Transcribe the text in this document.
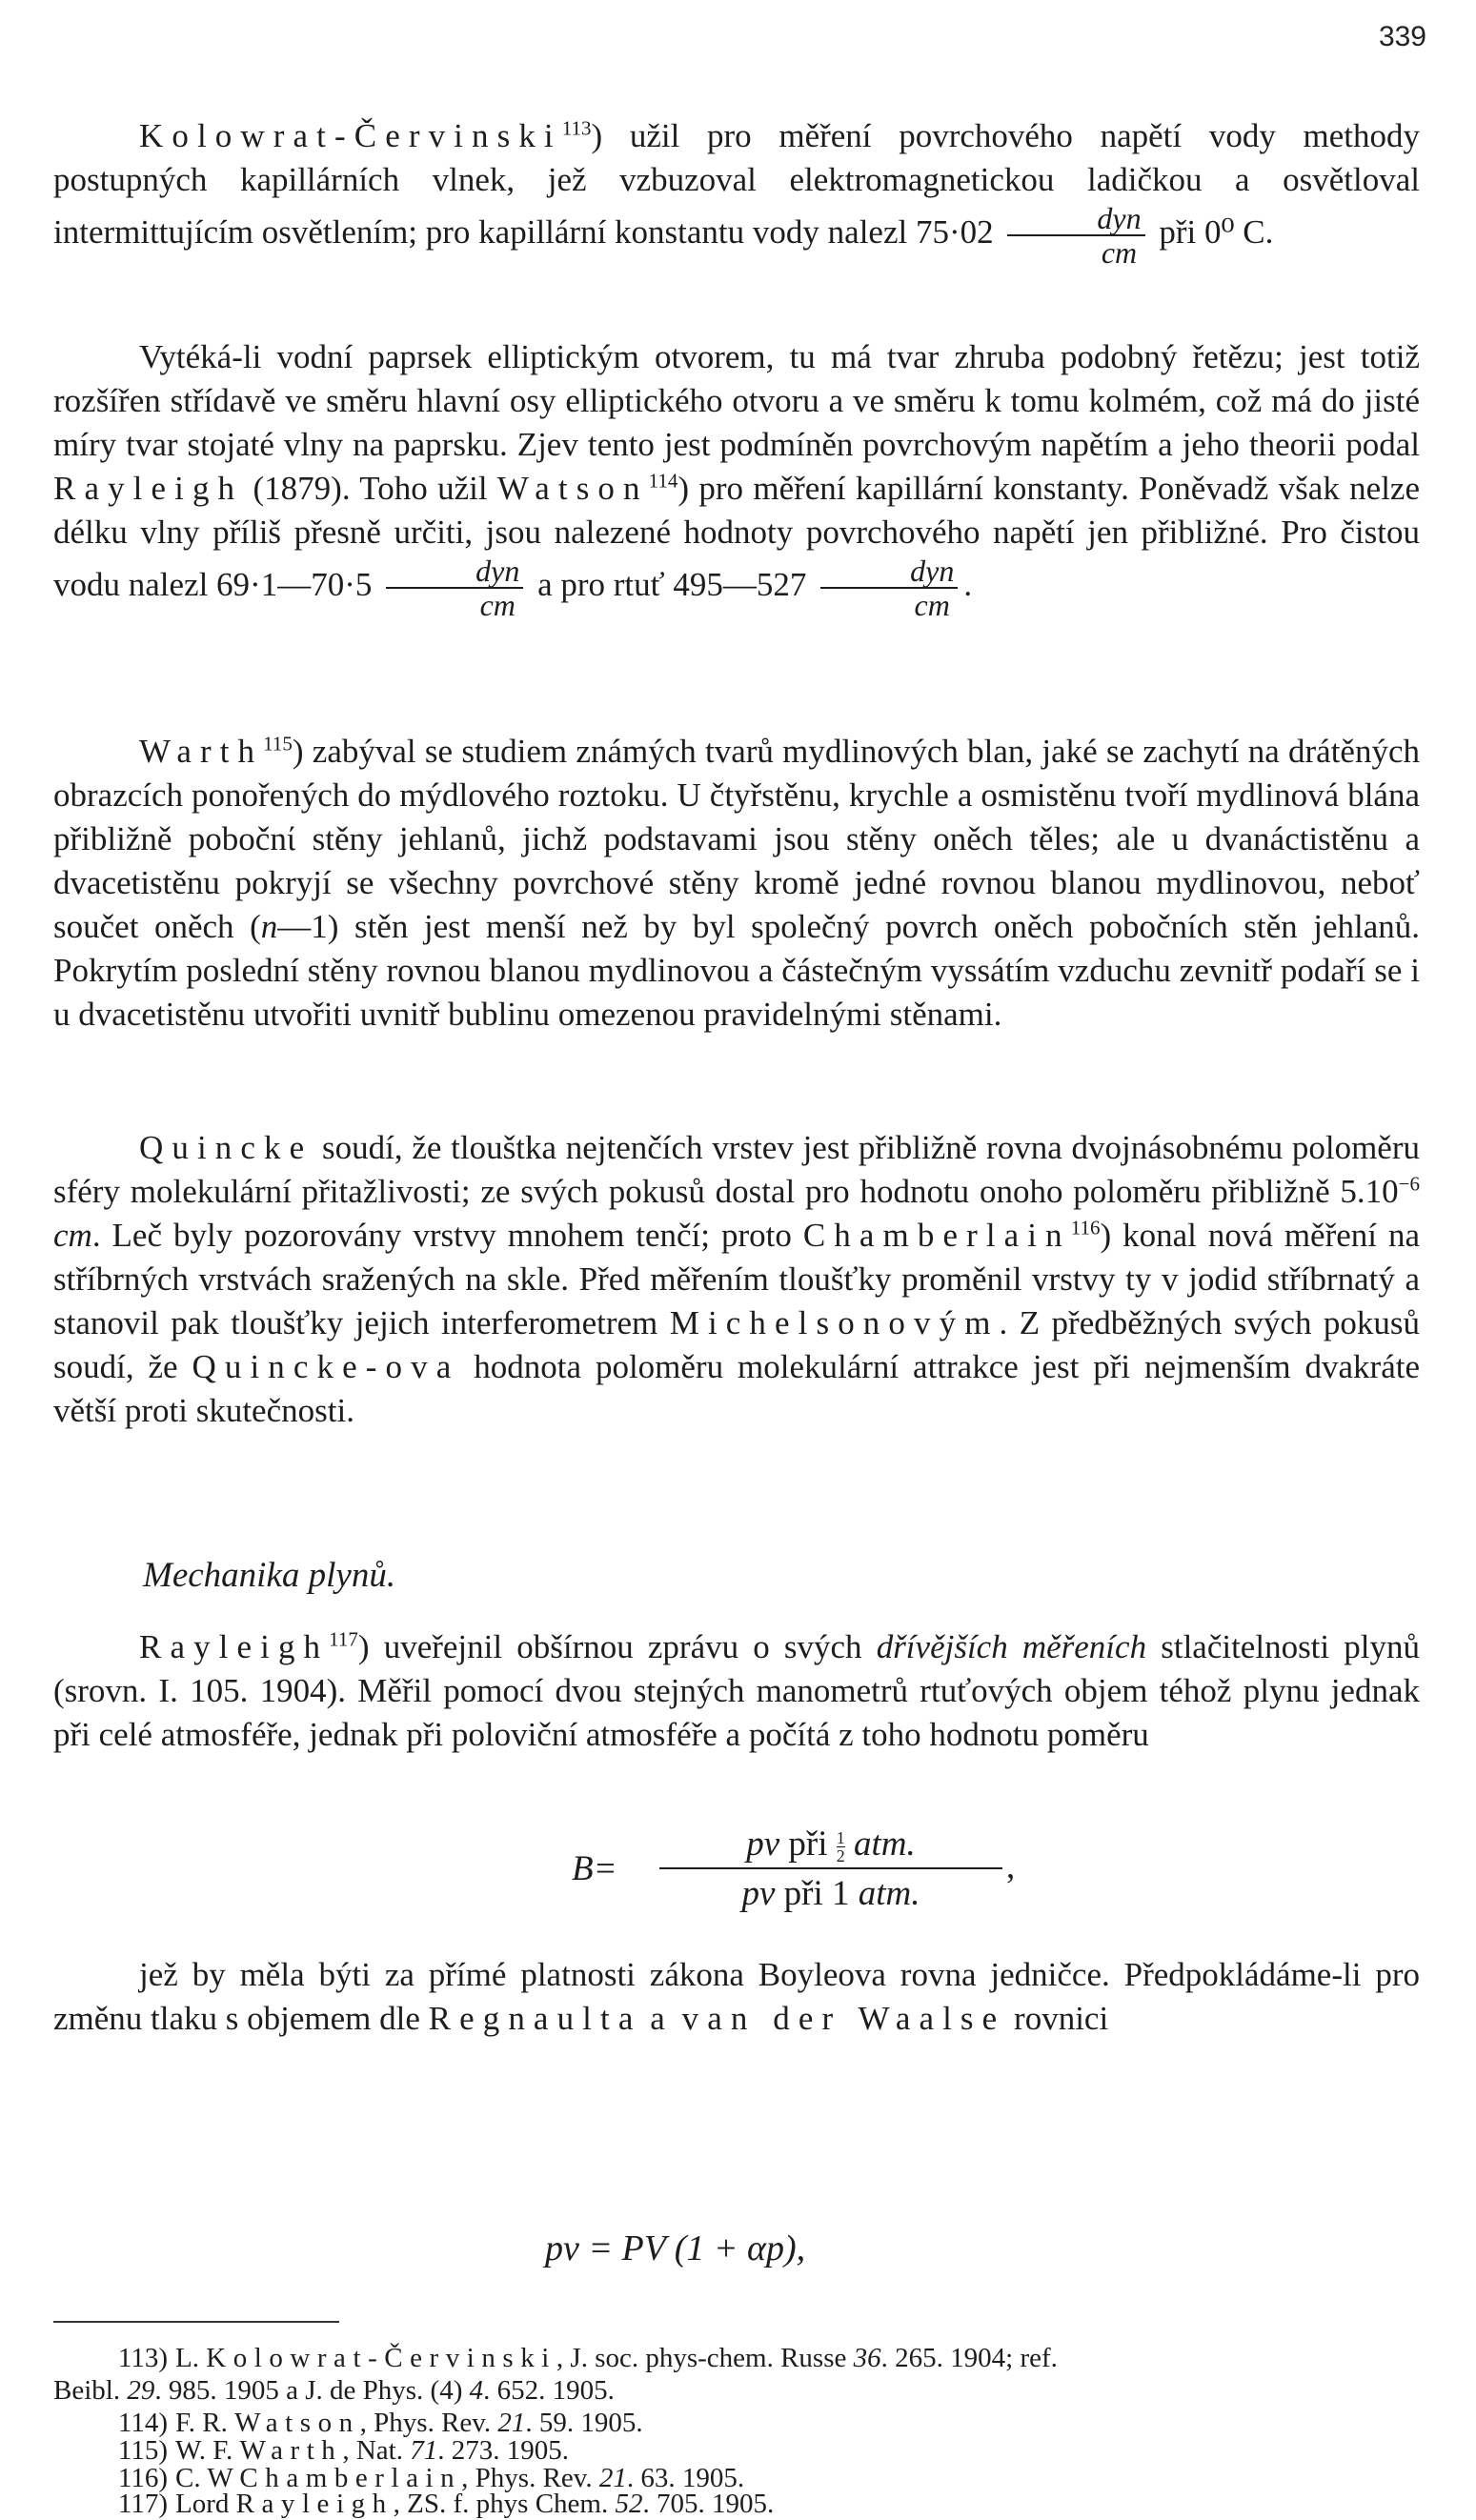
339

Kolowrat-Červinski$^{113}$) užil pro měření povrchového napětí vody methody postupných kapillárních vlnek, jež vzbuzoval elektromagnetickou ladičkou a osvětloval intermittujícím osvětlením; pro kapillární konstantu vody nalezl $75\cdot 02 \frac{\text{dyn}}{cm}$ při 0⁰ C.

Vytéká-li vodní paprsek elliptickým otvorem, tu má tvar zhruba podobný řetězu; jest totiž rozšířen střídavě ve směru hlavní osy elliptického otvoru a ve směru k tomu kolmém, což má do jisté míry tvar stojaté vlny na paprsku. Zjev tento jest podmíněn povrchovým napětím a jeho theorii podal Rayleigh (1879). Toho užil Watson$^{114}$) pro měření kapillární konstanty. Poněvadž však nelze délku vlny příliš přesně určiti, jsou nalezené hodnoty povrchového napětí jen přibližné. Pro čistou vodu nalezl 69·1—70·5 $\frac{\text{dyn}}{cm}$ a pro rtuť 495—527 $\frac{\text{dyn}}{cm}$ .

Warth$^{115}$) zabýval se studiem známých tvarů mydlinových blan, jaké se zachytí na drátěných obrazcích ponořených do mýdlového roztoku. U čtyřstěnu, krychle a osmistěnu tvoří mydlinová blána přibližně pobočnί stěny jehlanů, jichž podstavami jsou stěny oněch těles; ale u dvanáctistěnu a dvacetistěnu pokryjí se všechny povrchové stěny kromě jedné rovnou blanou mydlinovou, neboť součet oněch (n—1) stěn jest menší než by byl společný povrch oněch pobočních stěn jehlanů. Pokrytím poslední stěny rovnou blanou mydlinovou a částečným vyssátím vzduchu zevnitř podaří se i u dvacetistěnu utvořiti uvnitř bublinu omezenou pravidelnými stěnami.

Quincke soudí, že tlouštka nejtenčích vrstev jest přibližně rovna dvojnásobnému poloměru sféry molekulární přitažlivosti; ze svých pokusů dostal pro hodnotu onoho poloměru přibližně $5.10^{-6}$ cm. Leč byly pozorovány vrstvy mnohem tenčí; proto Chamberlain$^{116}$) konal nová měření na stříbrných vrstvách sražených na skle. Před měřením tloušťky proměnil vrstvy ty v jodid stříbrnatý a stanovil pak tloušťky jejich interferometrem Michelsonovým. Z předběžných svých pokusů soudí, že Quincke-ova hodnota poloměru molekulární attrakce jest při nejmenším dvakráte větší proti skutečnosti.

Mechanika plynů.

Rayleigh$^{117}$) uveřejnil obšírnou zprávu o svých dřívějších měřeních stlačitelnosti plynů (srovn. I. 105. 1904). Měřil pomocí dvou stejných manometrů rtuťových objem téhož plynu jednak při celé atmosféře, jednak při poloviční atmosféře a počítá z toho hodnotu poměru

B=
pv při $\frac{1}{2}$ atm.
pv při 1 atm.
,

jež by měla býti za přímé platnosti zákona Boyleova rovna jedničce. Předpokládáme-li pro změnu tlaku s objemem dle Regnaulta a van der Waalse rovnici

pv = PV (1 + αp),
113) L. Kolowrat-Červinski, J. soc. phys-chem. Russe 36. 265. 1904; ref.
Beibl. 29. 985. 1905 a J. de Phys. (4) 4. 652. 1905.
114) F. R. Watson, Phys. Rev. 21. 59. 1905.
115) W. F. Warth, Nat. 71. 273. 1905.
116) C. W Chamberlain, Phys. Rev. 21. 63. 1905.
117) Lord Rayleigh, ZS. f. phys Chem. 52. 705. 1905.
